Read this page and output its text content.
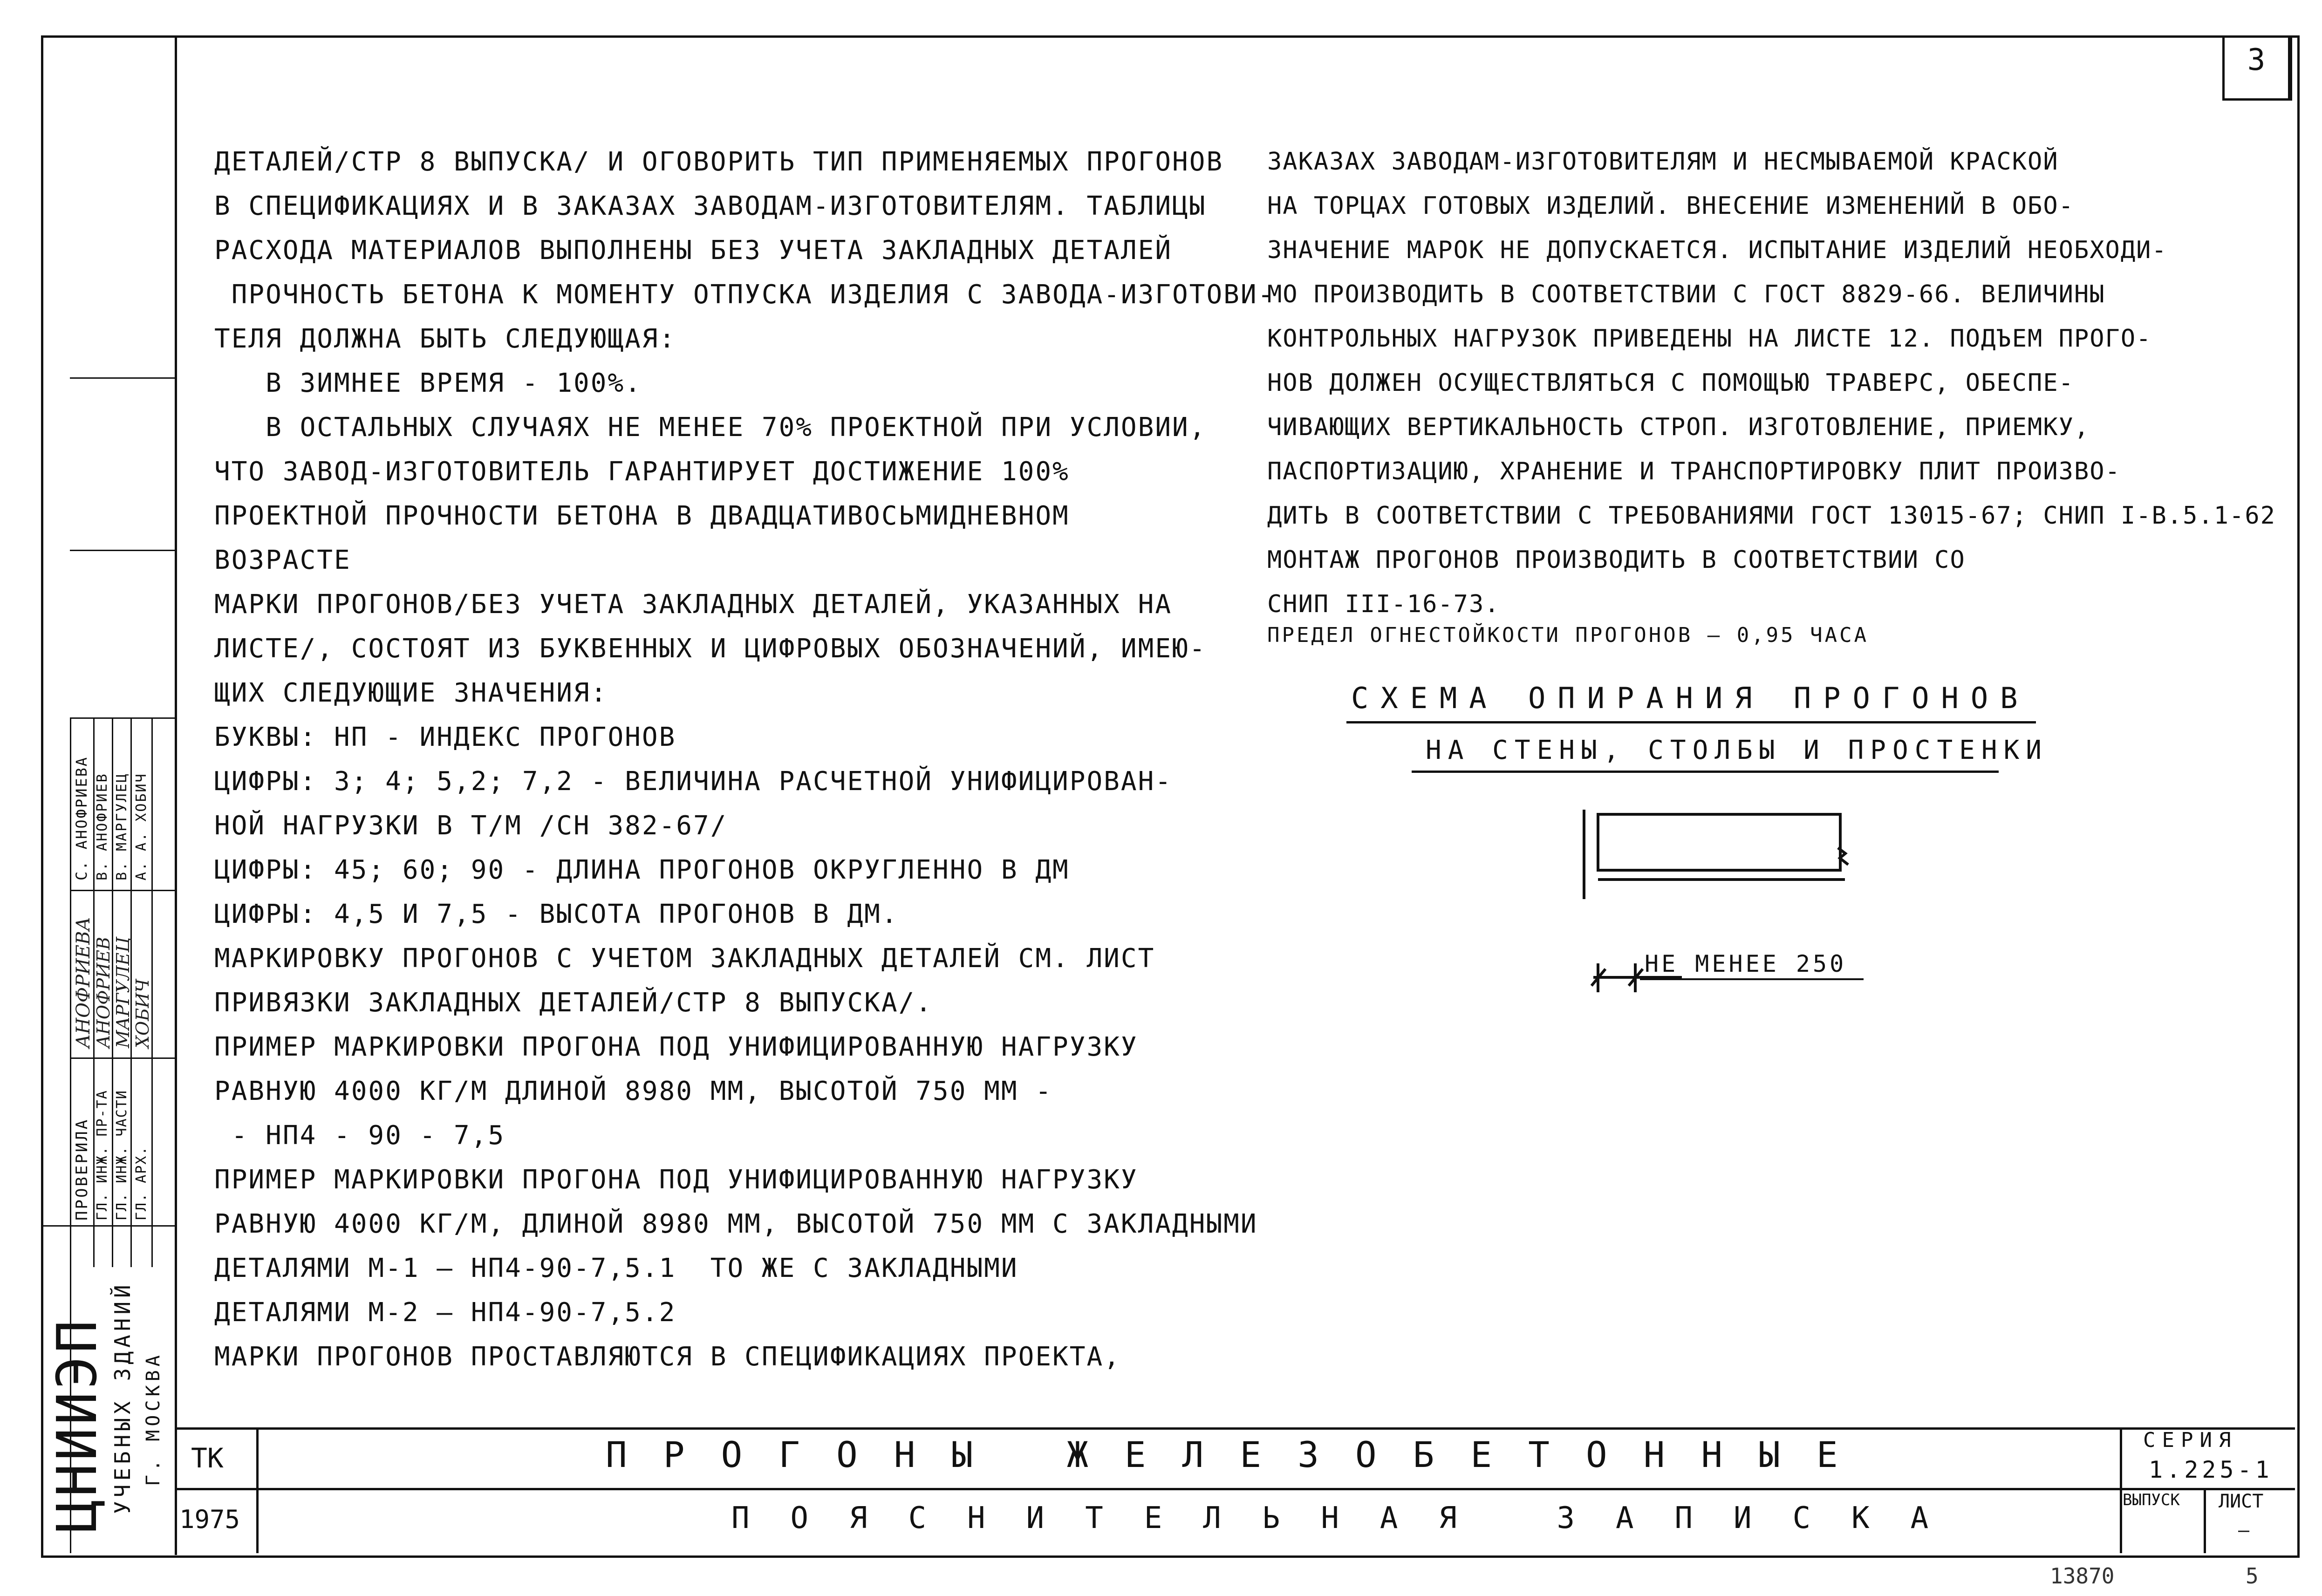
3
ДЕТАЛЕЙ/СТР 8 ВЫПУСКА/ И ОГОВОРИТЬ ТИП ПРИМЕНЯЕМЫХ ПРОГОНОВ
В СПЕЦИФИКАЦИЯХ И В ЗАКАЗАХ ЗАВОДАМ-ИЗГОТОВИТЕЛЯМ. ТАБЛИЦЫ
РАСХОДА МАТЕРИАЛОВ ВЫПОЛНЕНЫ БЕЗ УЧЕТА ЗАКЛАДНЫХ ДЕТАЛЕЙ
ПРОЧНОСТЬ БЕТОНА К МОМЕНТУ ОТПУСКА ИЗДЕЛИЯ С ЗАВОДА-ИЗГОТОВИ-
ТЕЛЯ ДОЛЖНА БЫТЬ СЛЕДУЮЩАЯ:
В ЗИМНЕЕ ВРЕМЯ - 100%.
В ОСТАЛЬНЫХ СЛУЧАЯХ НЕ МЕНЕЕ 70% ПРОЕКТНОЙ ПРИ УСЛОВИИ,
ЧТО ЗАВОД-ИЗГОТОВИТЕЛЬ ГАРАНТИРУЕТ ДОСТИЖЕНИЕ 100%
ПРОЕКТНОЙ ПРОЧНОСТИ БЕТОНА В ДВАДЦАТИВОСЬМИДНЕВНОМ
ВОЗРАСТЕ
МАРКИ ПРОГОНОВ/БЕЗ УЧЕТА ЗАКЛАДНЫХ ДЕТАЛЕЙ, УКАЗАННЫХ НА
ЛИСТЕ/, СОСТОЯТ ИЗ БУКВЕННЫХ И ЦИФРОВЫХ ОБОЗНАЧЕНИЙ, ИМЕЮ-
ЩИХ СЛЕДУЮЩИЕ ЗНАЧЕНИЯ:
БУКВЫ: НП - ИНДЕКС ПРОГОНОВ
ЦИФРЫ: 3; 4; 5,2; 7,2 - ВЕЛИЧИНА РАСЧЕТНОЙ УНИФИЦИРОВАН-
НОЙ НАГРУЗКИ В Т/М /СН 382-67/
ЦИФРЫ: 45; 60; 90 - ДЛИНА ПРОГОНОВ ОКРУГЛЕННО В ДМ
ЦИФРЫ: 4,5 И 7,5 - ВЫСОТА ПРОГОНОВ В ДМ.
МАРКИРОВКУ ПРОГОНОВ С УЧЕТОМ ЗАКЛАДНЫХ ДЕТАЛЕЙ СМ. ЛИСТ
ПРИВЯЗКИ ЗАКЛАДНЫХ ДЕТАЛЕЙ/СТР 8 ВЫПУСКА/.
ПРИМЕР МАРКИРОВКИ ПРОГОНА ПОД УНИФИЦИРОВАННУЮ НАГРУЗКУ
РАВНУЮ 4000 КГ/М ДЛИНОЙ 8980 ММ, ВЫСОТОЙ 750 ММ -
- НП4 - 90 - 7,5
ПРИМЕР МАРКИРОВКИ ПРОГОНА ПОД УНИФИЦИРОВАННУЮ НАГРУЗКУ
РАВНУЮ 4000 КГ/М, ДЛИНОЙ 8980 ММ, ВЫСОТОЙ 750 ММ С ЗАКЛАДНЫМИ
ДЕТАЛЯМИ М-1 — НП4-90-7,5.1  ТО ЖЕ С ЗАКЛАДНЫМИ
ДЕТАЛЯМИ М-2 — НП4-90-7,5.2
МАРКИ ПРОГОНОВ ПРОСТАВЛЯЮТСЯ В СПЕЦИФИКАЦИЯХ ПРОЕКТА,
ЗАКАЗАХ ЗАВОДАМ-ИЗГОТОВИТЕЛЯМ И НЕСМЫВАЕМОЙ КРАСКОЙ
НА ТОРЦАХ ГОТОВЫХ ИЗДЕЛИЙ. ВНЕСЕНИЕ ИЗМЕНЕНИЙ В ОБО-
ЗНАЧЕНИЕ МАРОК НЕ ДОПУСКАЕТСЯ. ИСПЫТАНИЕ ИЗДЕЛИЙ НЕОБХОДИ-
МО ПРОИЗВОДИТЬ В СООТВЕТСТВИИ С ГОСТ 8829-66. ВЕЛИЧИНЫ
КОНТРОЛЬНЫХ НАГРУЗОК ПРИВЕДЕНЫ НА ЛИСТЕ 12. ПОДЪЕМ ПРОГО-
НОВ ДОЛЖЕН ОСУЩЕСТВЛЯТЬСЯ С ПОМОЩЬЮ ТРАВЕРС, ОБЕСПЕ-
ЧИВАЮЩИХ ВЕРТИКАЛЬНОСТЬ СТРОП. ИЗГОТОВЛЕНИЕ, ПРИЕМКУ,
ПАСПОРТИЗАЦИЮ, ХРАНЕНИЕ И ТРАНСПОРТИРОВКУ ПЛИТ ПРОИЗВО-
ДИТЬ В СООТВЕТСТВИИ С ТРЕБОВАНИЯМИ ГОСТ 13015-67; СНИП I-В.5.1-62
МОНТАЖ ПРОГОНОВ ПРОИЗВОДИТЬ В СООТВЕТСТВИИ СО
СНИП III-16-73.
ПРЕДЕЛ ОГНЕСТОЙКОСТИ ПРОГОНОВ — 0,95 ЧАСА
СХЕМА ОПИРАНИЯ ПРОГОНОВ
НА СТЕНЫ, СТОЛБЫ И ПРОСТЕНКИ
НЕ МЕНЕЕ 250
ПРОВЕРИЛА ГЛ. ИНЖ. ПР-ТА ГЛ. ИНЖ. ЧАСТИ ГЛ. АРХ.
АНОФРИЕВА
АНОФРИЕВ
МАРГУЛЕЦ
ХОБИЧ
С. АНОФРИЕВА В. АНОФРИЕВ В. МАРГУЛЕЦ А. А. ХОБИЧ
ЦНИИЭП УЧЕБНЫХ ЗДАНИЙ Г. МОСКВА ТК
1975
ПРОГОНЫ ЖЕЛЕЗОБЕТОННЫЕ
ПОЯСНИТЕЛЬНАЯ ЗАПИСКА
СЕРИЯ
1.225-1
ВЫПУСК ЛИСТ
—
13870	5
